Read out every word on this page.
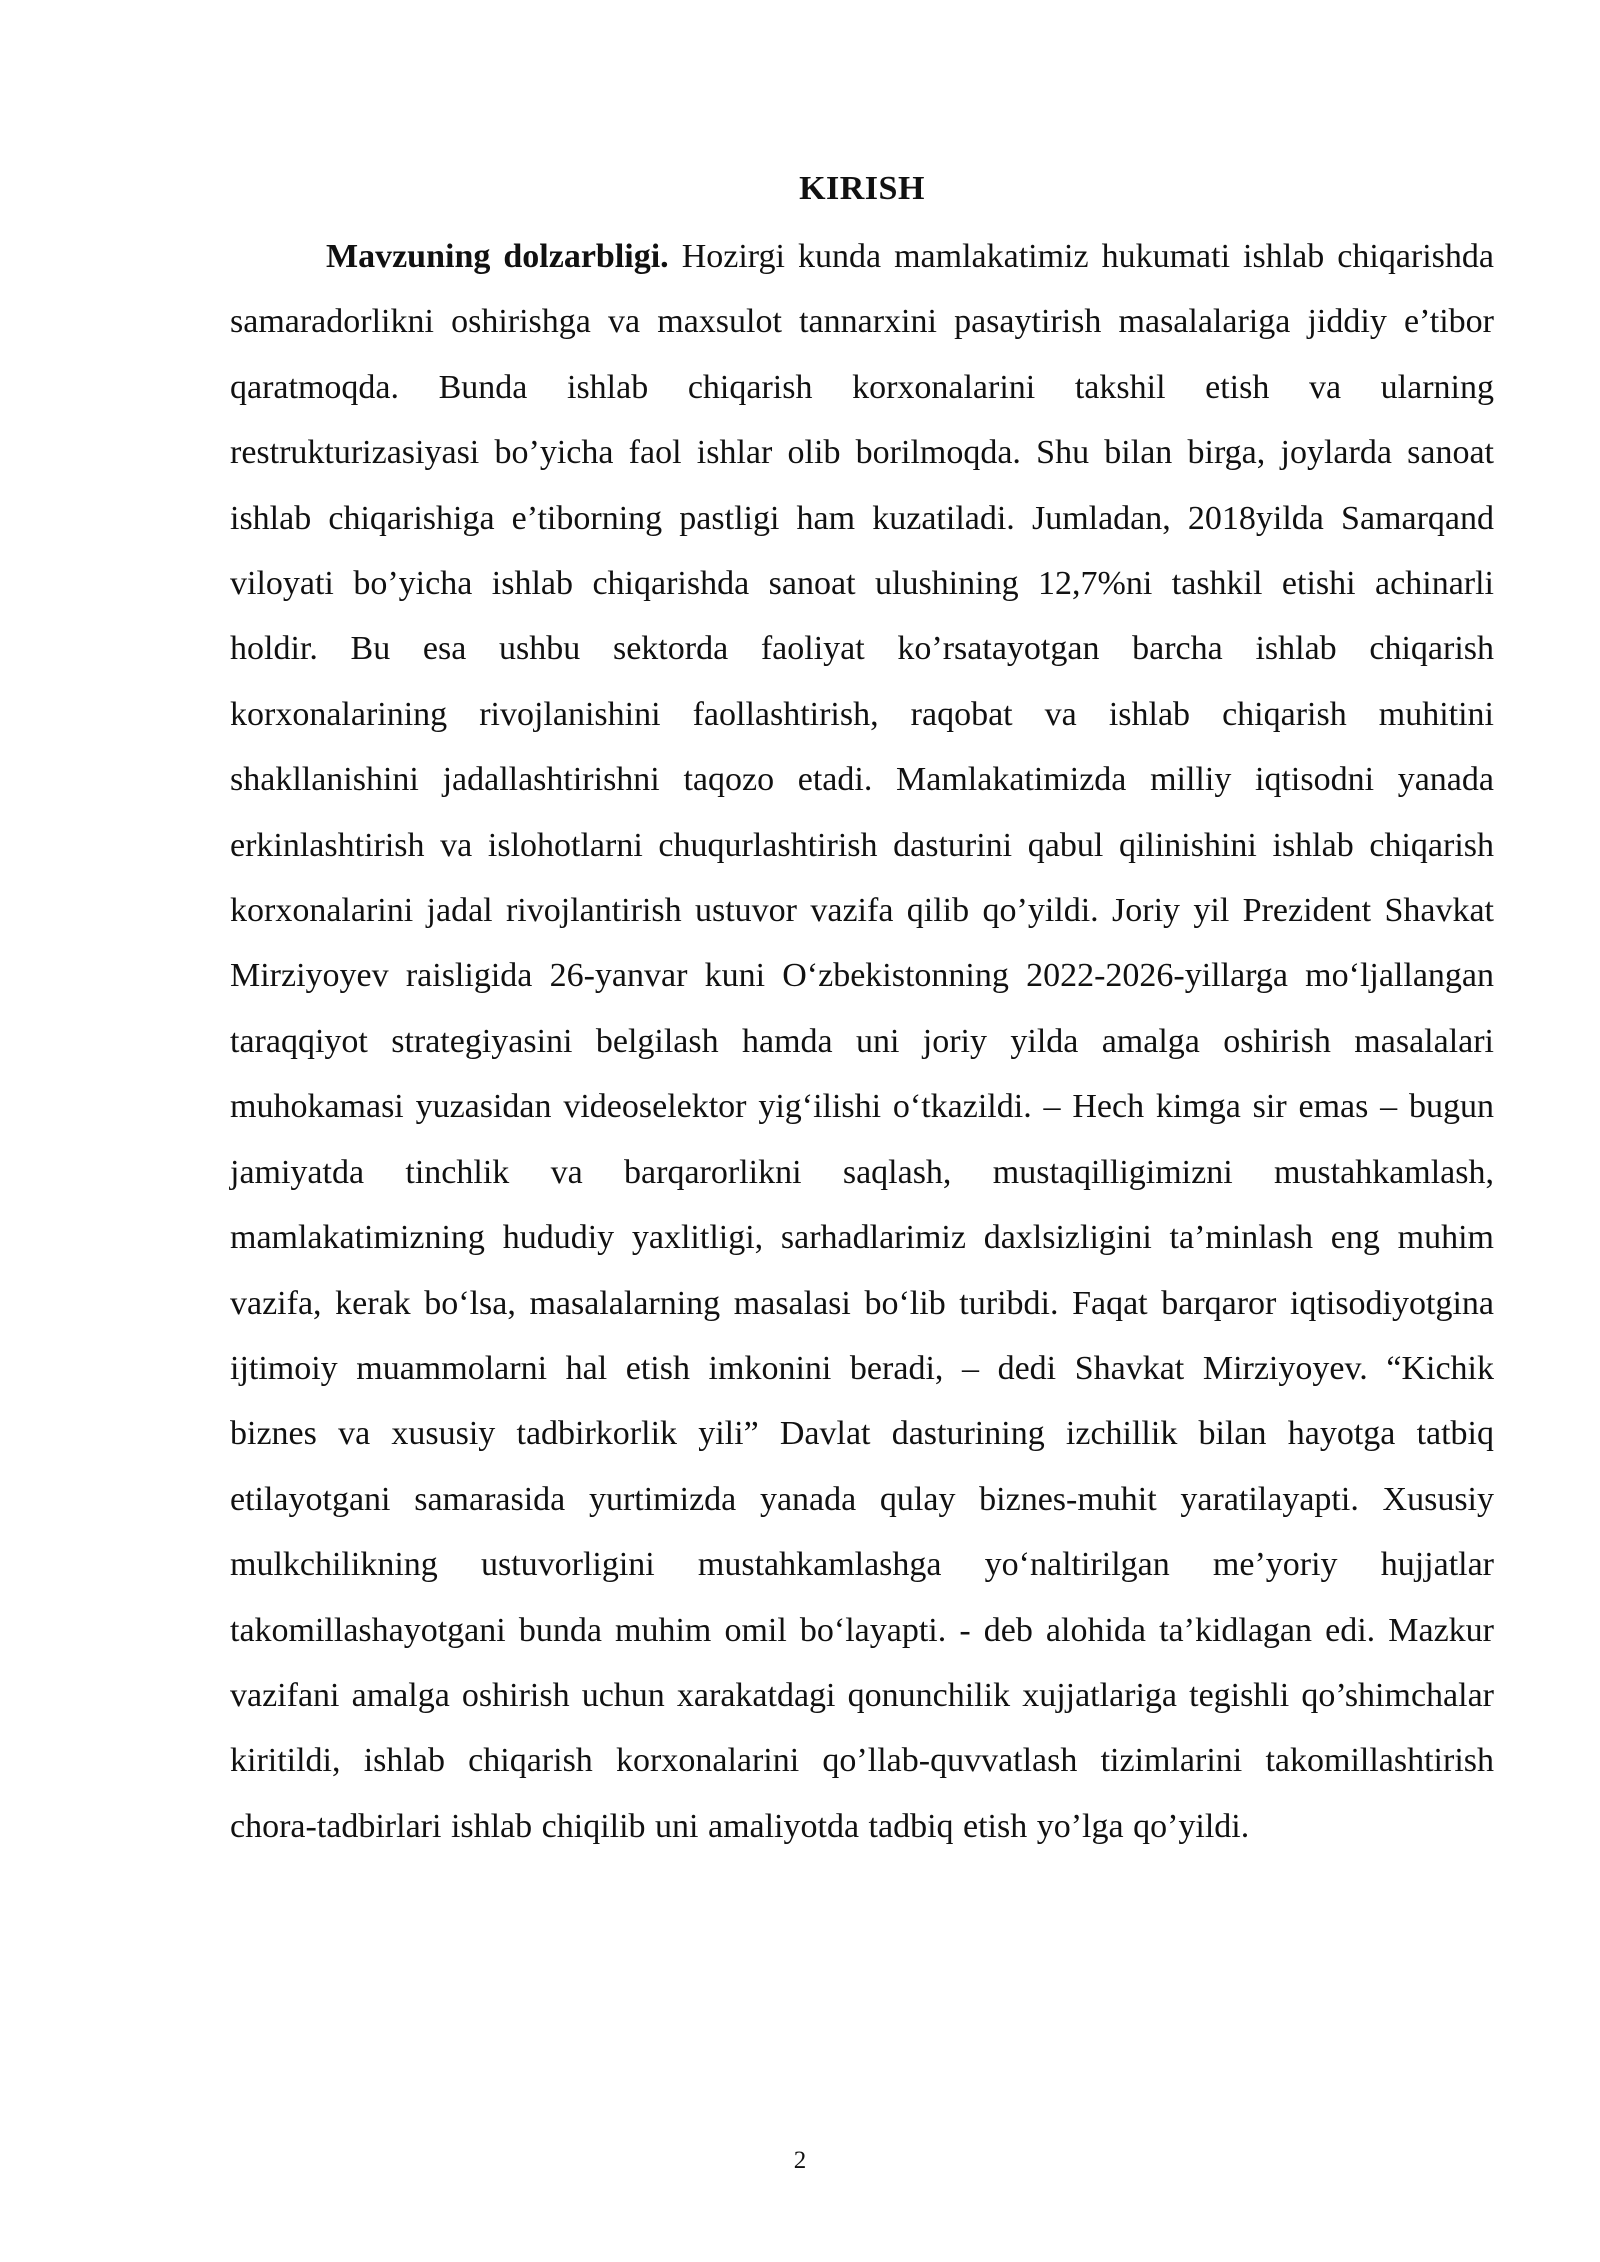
KIRISH

Mavzuning dolzarbligi. Hozirgi kunda mamlakatimiz hukumati ishlab chiqarishda samaradorlikni oshirishga va maxsulot tannarxini pasaytirish masalalariga jiddiy e’tibor qaratmoqda. Bunda ishlab chiqarish korxonalarini takshil etish va ularning restrukturizasiyasi bo’yicha faol ishlar olib borilmoqda. Shu bilan birga, joylarda sanoat ishlab chiqarishiga e’tiborning pastligi ham kuzatiladi. Jumladan, 2018yilda Samarqand viloyati bo’yicha ishlab chiqarishda sanoat ulushining 12,7%ni tashkil etishi achinarli holdir. Bu esa ushbu sektorda faoliyat ko’rsatayotgan barcha ishlab chiqarish korxonalarining rivojlanishini faollashtirish, raqobat va ishlab chiqarish muhitini shakllanishini jadallashtirishni taqozo etadi. Mamlakatimizda milliy iqtisodni yanada erkinlashtirish va islohotlarni chuqurlashtirish dasturini qabul qilinishini ishlab chiqarish korxonalarini jadal rivojlantirish ustuvor vazifa qilib qo’yildi. Joriy yil Prezident Shavkat Mirziyoyev raisligida 26-yanvar kuni O‘zbekistonning 2022-2026-yillarga mo‘ljallangan taraqqiyot strategiyasini belgilash hamda uni joriy yilda amalga oshirish masalalari muhokamasi yuzasidan videoselektor yig‘ilishi o‘tkazildi. – Hech kimga sir emas – bugun jamiyatda tinchlik va barqarorlikni saqlash, mustaqilligimizni mustahkamlash, mamlakatimizning hududiy yaxlitligi, sarhadlarimiz daxlsizligini ta’minlash eng muhim vazifa, kerak bo‘lsa, masalalarning masalasi bo‘lib turibdi. Faqat barqaror iqtisodiyotgina ijtimoiy muammolarni hal etish imkonini beradi, – dedi Shavkat Mirziyoyev. “Kichik biznes va xususiy tadbirkorlik yili” Davlat dasturining izchillik bilan hayotga tatbiq etilayotgani samarasida yurtimizda yanada qulay biznes-muhit yaratilayapti. Xususiy mulkchilikning ustuvorligini mustahkamlashga yo‘naltirilgan me’yoriy hujjatlar takomillashayotgani bunda muhim omil bo‘layapti. - deb alohida ta’kidlagan edi. Mazkur vazifani amalga oshirish uchun xarakatdagi qonunchilik xujjatlariga tegishli qo’shimchalar kiritildi, ishlab chiqarish korxonalarini qo’llab-quvvatlash tizimlarini takomillashtirish chora-tadbirlari ishlab chiqilib uni amaliyotda tadbiq etish yo’lga qo’yildi.

2
